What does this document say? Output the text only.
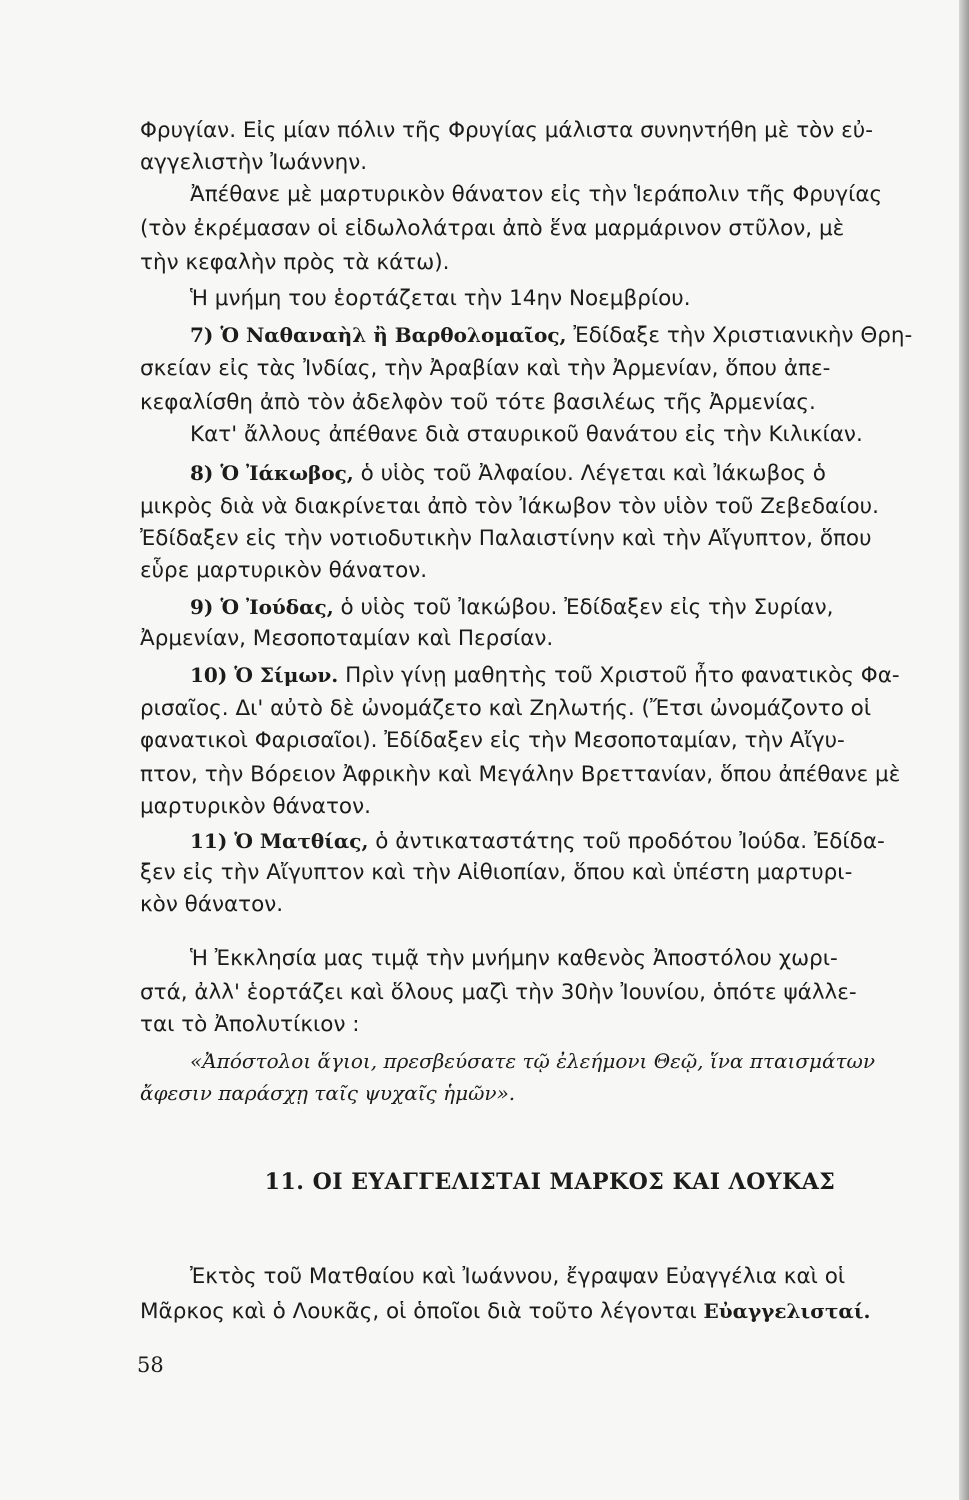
Φρυγίαν. Εἰς μίαν πόλιν τῆς Φρυγίας μάλιστα συνηντήθη μὲ τὸν εὐ-
αγγελιστὴν Ἰωάννην.
Ἀπέθανε μὲ μαρτυρικὸν θάνατον εἰς τὴν Ἱεράπολιν τῆς Φρυγίας
(τὸν ἐκρέμασαν οἱ εἰδωλολάτραι ἀπὸ ἕνα μαρμάρινον στῦλον, μὲ
τὴν κεφαλὴν πρὸς τὰ κάτω).
Ἡ μνήμη του ἑορτάζεται τὴν 14ην Νοεμβρίου.
7) Ὁ Ναθαναὴλ ἢ Βαρθολομαῖος, Ἐδίδαξε τὴν Χριστιανικὴν Θρη-
σκείαν εἰς τὰς Ἰνδίας, τὴν Ἀραβίαν καὶ τὴν Ἀρμενίαν, ὅπου ἀπε-
κεφαλίσθη ἀπὸ τὸν ἀδελφὸν τοῦ τότε βασιλέως τῆς Ἀρμενίας.
Κατ' ἄλλους ἀπέθανε διὰ σταυρικοῦ θανάτου εἰς τὴν Κιλικίαν.
8) Ὁ Ἰάκωβος, ὁ υἱὸς τοῦ Ἀλφαίου. Λέγεται καὶ Ἰάκωβος ὁ
μικρὸς διὰ νὰ διακρίνεται ἀπὸ τὸν Ἰάκωβον τὸν υἱὸν τοῦ Ζεβεδαίου.
Ἐδίδαξεν εἰς τὴν νοτιοδυτικὴν Παλαιστίνην καὶ τὴν Αἴγυπτον, ὅπου
εὗρε μαρτυρικὸν θάνατον.
9) Ὁ Ἰούδας, ὁ υἱὸς τοῦ Ἰακώβου. Ἐδίδαξεν εἰς τὴν Συρίαν,
Ἀρμενίαν, Μεσοποταμίαν καὶ Περσίαν.
10) Ὁ Σίμων. Πρὶν γίνῃ μαθητὴς τοῦ Χριστοῦ ἦτο φανατικὸς Φα-
ρισαῖος. Δι' αὐτὸ δὲ ὠνομάζετο καὶ Ζηλωτής. (Ἔτσι ὠνομάζοντο οἱ
φανατικοὶ Φαρισαῖοι). Ἐδίδαξεν εἰς τὴν Μεσοποταμίαν, τὴν Αἴγυ-
πτον, τὴν Βόρειον Ἀφρικὴν καὶ Μεγάλην Βρεττανίαν, ὅπου ἀπέθανε μὲ
μαρτυρικὸν θάνατον.
11) Ὁ Ματθίας, ὁ ἀντικαταστάτης τοῦ προδότου Ἰούδα. Ἐδίδα-
ξεν εἰς τὴν Αἴγυπτον καὶ τὴν Αἰθιοπίαν, ὅπου καὶ ὑπέστη μαρτυρι-
κὸν θάνατον.
Ἡ Ἐκκλησία μας τιμᾷ τὴν μνήμην καθενὸς Ἀποστόλου χωρι-
στά, ἀλλ' ἑορτάζει καὶ ὅλους μαζὶ τὴν 30ὴν Ἰουνίου, ὁπότε ψάλλε-
ται τὸ Ἀπολυτίκιον :
«Ἀπόστολοι ἅγιοι, πρεσβεύσατε τῷ ἐλεήμονι Θεῷ, ἵνα πταισμάτων
ἄφεσιν παράσχῃ ταῖς ψυχαῖς ἡμῶν».
11. ΟΙ ΕΥΑΓΓΕΛΙΣΤΑΙ ΜΑΡΚΟΣ ΚΑΙ ΛΟΥΚΑΣ
Ἐκτὸς τοῦ Ματθαίου καὶ Ἰωάννου, ἔγραψαν Εὐαγγέλια καὶ οἱ
Μᾶρκος καὶ ὁ Λουκᾶς, οἱ ὁποῖοι διὰ τοῦτο λέγονται Εὐαγγελισταί.
58
